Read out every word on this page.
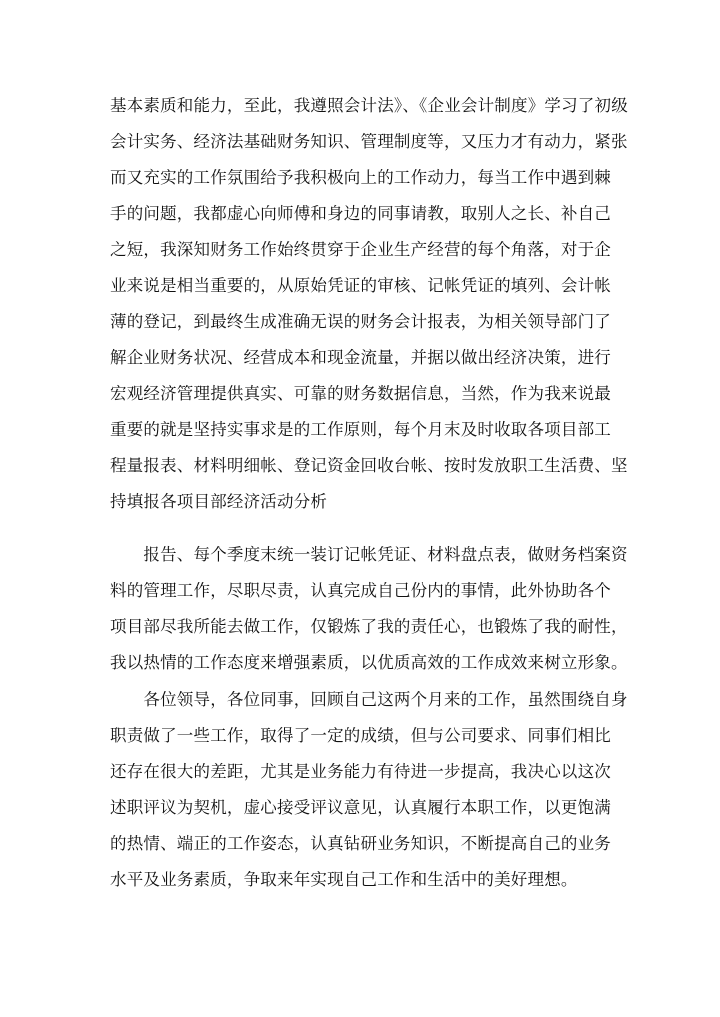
基本素质和能力，至此，我遵照会计法》、《企业会计制度》学习了初级
会计实务、经济法基础财务知识、管理制度等，又压力才有动力，紧张
而又充实的工作氛围给予我积极向上的工作动力，每当工作中遇到棘
手的问题，我都虚心向师傅和身边的同事请教，取别人之长、补自己
之短，我深知财务工作始终贯穿于企业生产经营的每个角落，对于企
业来说是相当重要的，从原始凭证的审核、记帐凭证的填列、会计帐
薄的登记，到最终生成准确无误的财务会计报表，为相关领导部门了
解企业财务状况、经营成本和现金流量，并据以做出经济决策，进行
宏观经济管理提供真实、可靠的财务数据信息，当然，作为我来说最
重要的就是坚持实事求是的工作原则，每个月末及时收取各项目部工
程量报表、材料明细帐、登记资金回收台帐、按时发放职工生活费、坚
持填报各项目部经济活动分析
　　报告、每个季度末统一装订记帐凭证、材料盘点表，做财务档案资
料的管理工作，尽职尽责，认真完成自己份内的事情，此外协助各个
项目部尽我所能去做工作，仅锻炼了我的责任心，也锻炼了我的耐性，
我以热情的工作态度来增强素质，以优质高效的工作成效来树立形象。
　　各位领导，各位同事，回顾自己这两个月来的工作，虽然围绕自身
职责做了一些工作，取得了一定的成绩，但与公司要求、同事们相比
还存在很大的差距，尤其是业务能力有待进一步提高，我决心以这次
述职评议为契机，虚心接受评议意见，认真履行本职工作，以更饱满
的热情、端正的工作姿态，认真钻研业务知识，不断提高自己的业务
水平及业务素质，争取来年实现自己工作和生活中的美好理想。
